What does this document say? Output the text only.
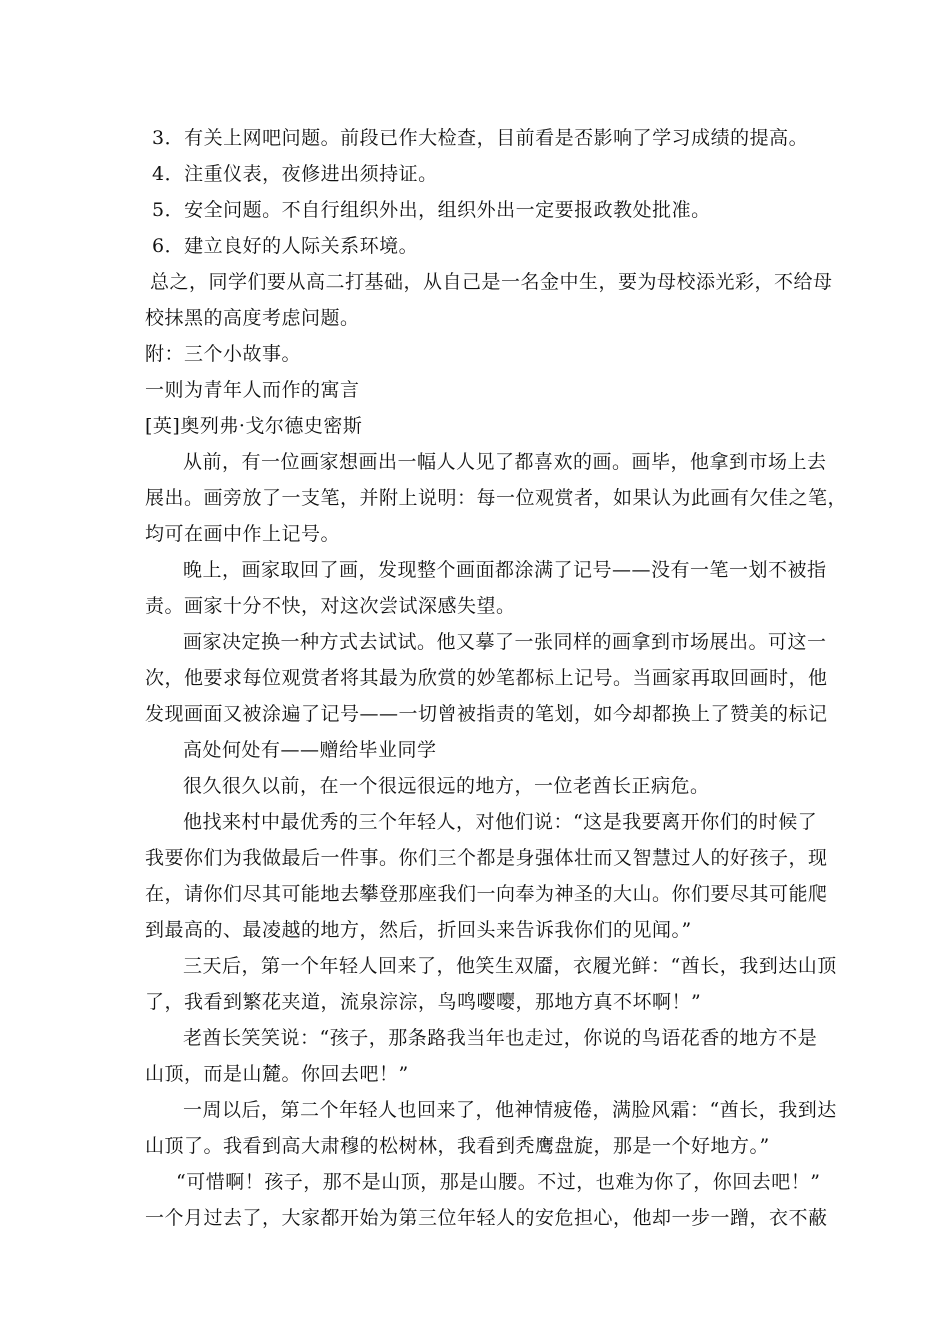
3．有关上网吧问题。前段已作大检查，目前看是否影响了学习成绩的提高。
4．注重仪表，夜修进出须持证。
5．安全问题。不自行组织外出，组织外出一定要报政教处批准。
6．建立良好的人际关系环境。
总之，同学们要从高二打基础，从自己是一名金中生，要为母校添光彩，不给母
校抹黑的高度考虑问题。
附：三个小故事。
一则为青年人而作的寓言
[英]奥列弗·戈尔德史密斯
从前，有一位画家想画出一幅人人见了都喜欢的画。画毕，他拿到市场上去
展出。画旁放了一支笔，并附上说明：每一位观赏者，如果认为此画有欠佳之笔，
均可在画中作上记号。
晚上，画家取回了画，发现整个画面都涂满了记号——没有一笔一划不被指
责。画家十分不快，对这次尝试深感失望。
画家决定换一种方式去试试。他又摹了一张同样的画拿到市场展出。可这一
次，他要求每位观赏者将其最为欣赏的妙笔都标上记号。当画家再取回画时，他
发现画面又被涂遍了记号——一切曾被指责的笔划，如今却都换上了赞美的标记
高处何处有——赠给毕业同学
很久很久以前，在一个很远很远的地方，一位老酋长正病危。
他找来村中最优秀的三个年轻人，对他们说：“这是我要离开你们的时候了
我要你们为我做最后一件事。你们三个都是身强体壮而又智慧过人的好孩子，现
在，请你们尽其可能地去攀登那座我们一向奉为神圣的大山。你们要尽其可能爬
到最高的、最凌越的地方，然后，折回头来告诉我你们的见闻。”
三天后，第一个年轻人回来了，他笑生双靥，衣履光鲜：“酋长，我到达山顶
了，我看到繁花夹道，流泉淙淙，鸟鸣嘤嘤，那地方真不坏啊！”
老酋长笑笑说：“孩子，那条路我当年也走过，你说的鸟语花香的地方不是
山顶，而是山麓。你回去吧！”
一周以后，第二个年轻人也回来了，他神情疲倦，满脸风霜：“酋长，我到达
山顶了。我看到高大肃穆的松树林，我看到秃鹰盘旋，那是一个好地方。”
“可惜啊！孩子，那不是山顶，那是山腰。不过，也难为你了，你回去吧！”
一个月过去了，大家都开始为第三位年轻人的安危担心，他却一步一蹭，衣不蔽
